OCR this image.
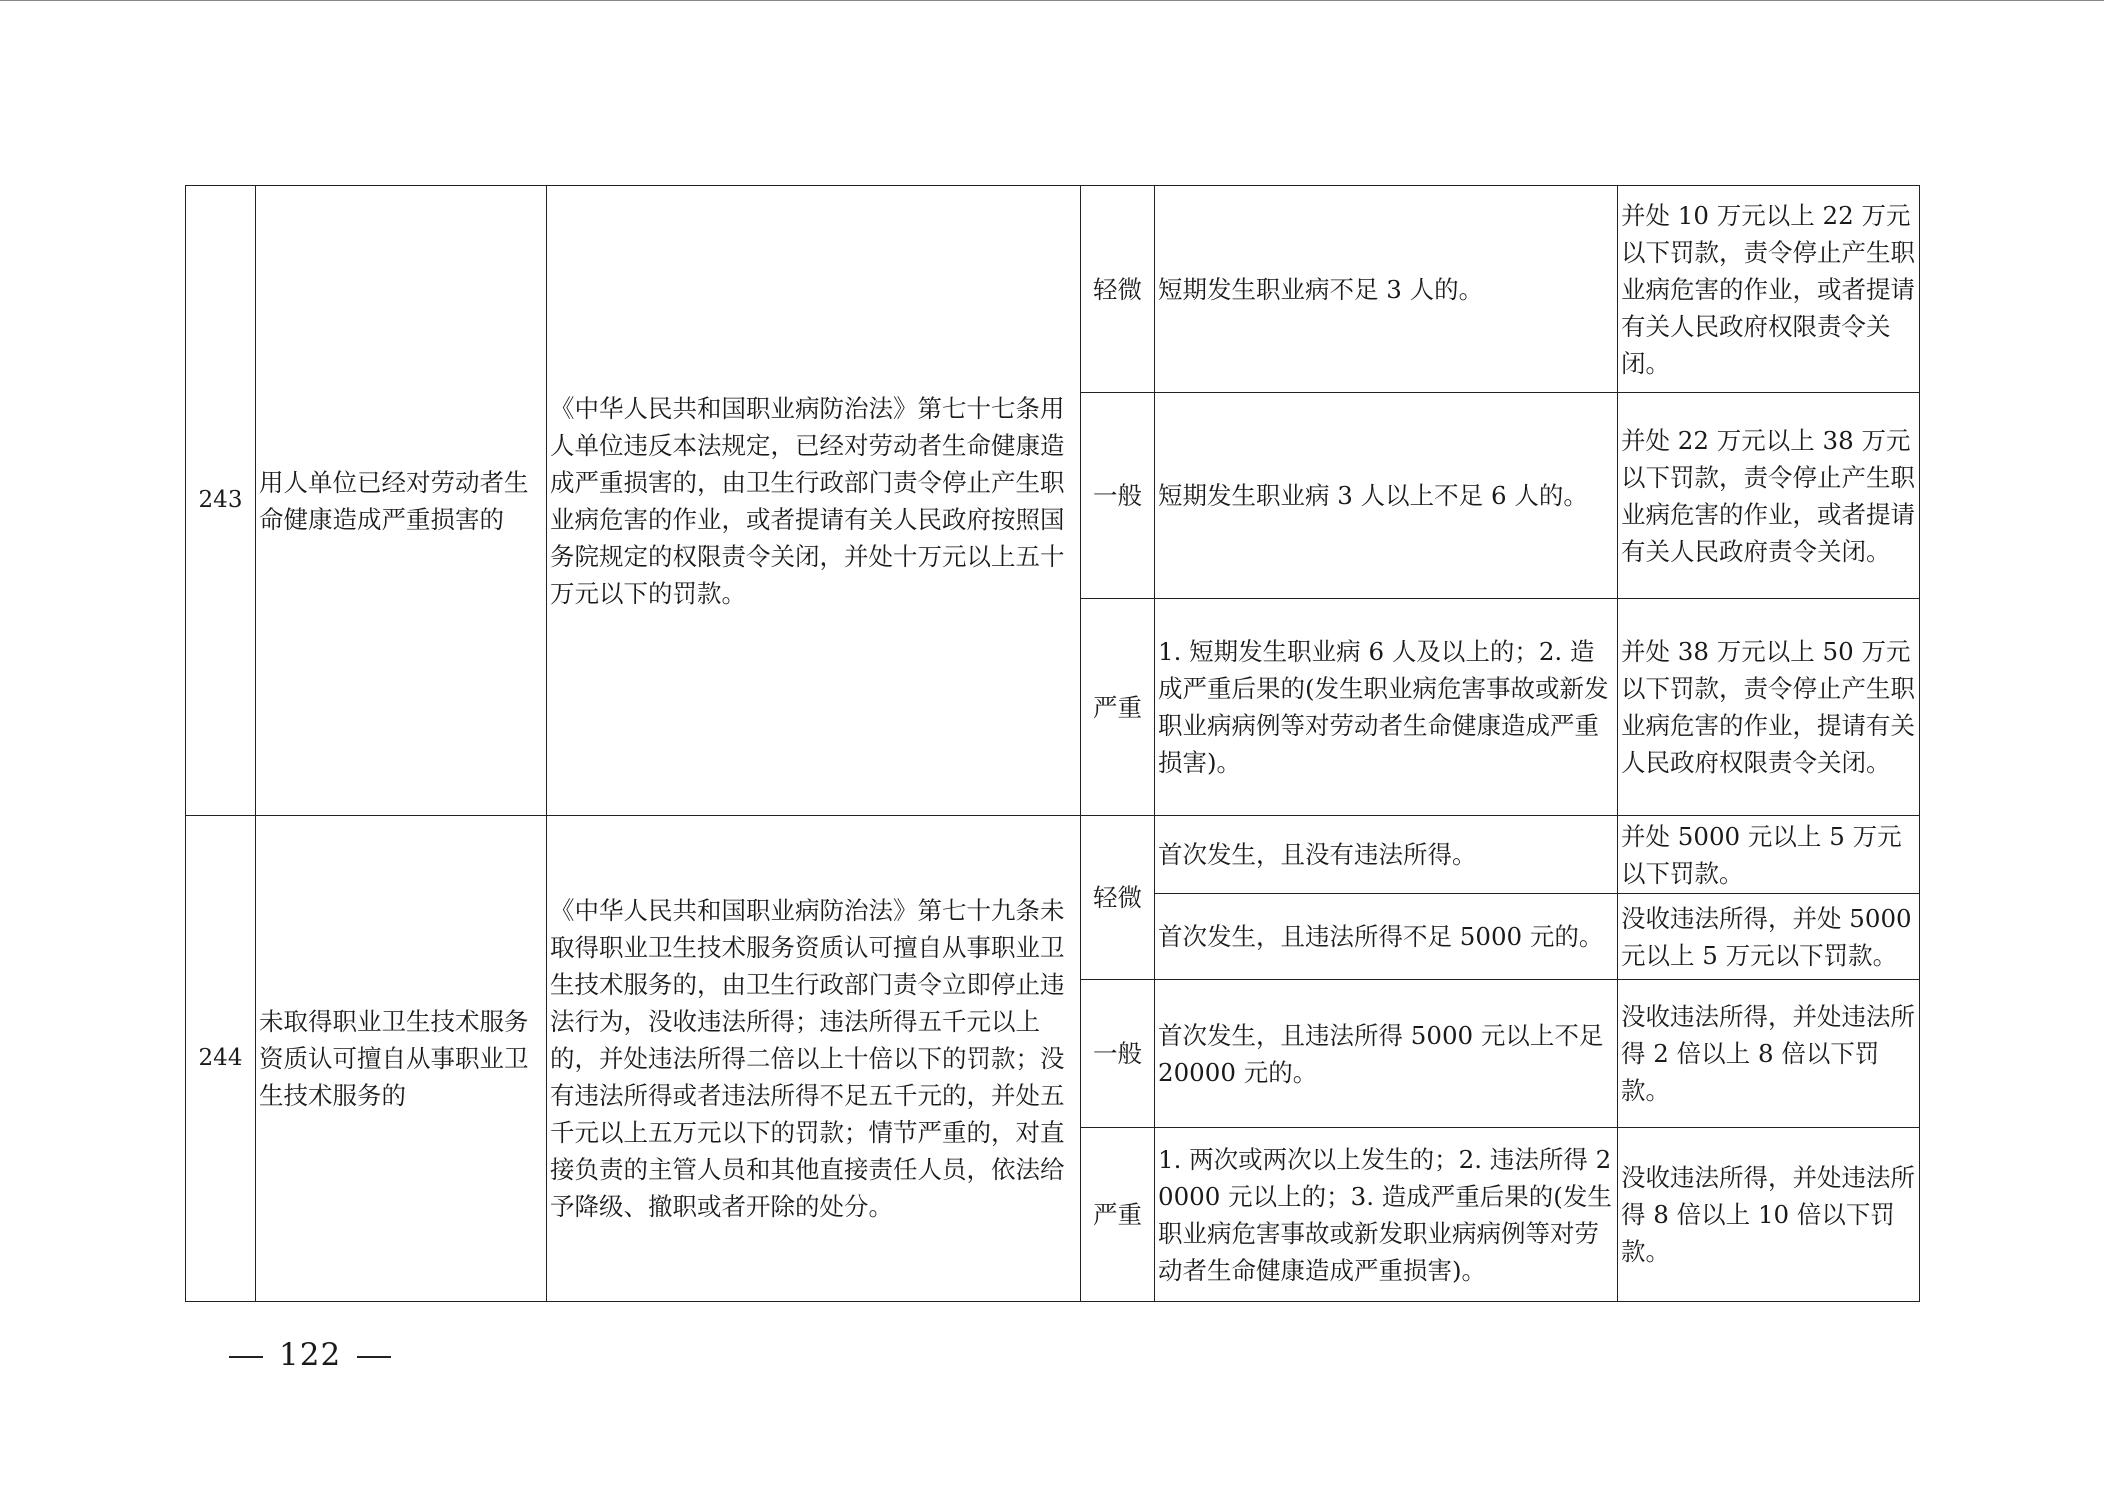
243	用人单位已经对劳动者生命健康造成严重损害的	《中华人民共和国职业病防治法》第七十七条用人单位违反本法规定，已经对劳动者生命健康造成严重损害的，由卫生行政部门责令停止产生职业病危害的作业，或者提请有关人民政府按照国务院规定的权限责令关闭，并处十万元以上五十万元以下的罚款。	轻微	短期发生职业病不足 3 人的。	并处 10 万元以上 22 万元以下罚款，责令停止产生职业病危害的作业，或者提请有关人民政府权限责令关闭。
			一般	短期发生职业病 3 人以上不足 6 人的。	并处 22 万元以上 38 万元以下罚款，责令停止产生职业病危害的作业，或者提请有关人民政府责令关闭。
			严重	1. 短期发生职业病 6 人及以上的；2. 造成严重后果的(发生职业病危害事故或新发职业病病例等对劳动者生命健康造成严重损害)。	并处 38 万元以上 50 万元以下罚款，责令停止产生职业病危害的作业，提请有关人民政府权限责令关闭。
244	未取得职业卫生技术服务资质认可擅自从事职业卫生技术服务的	《中华人民共和国职业病防治法》第七十九条未取得职业卫生技术服务资质认可擅自从事职业卫生技术服务的，由卫生行政部门责令立即停止违法行为，没收违法所得；违法所得五千元以上的，并处违法所得二倍以上十倍以下的罚款；没有违法所得或者违法所得不足五千元的，并处五千元以上五万元以下的罚款；情节严重的，对直接负责的主管人员和其他直接责任人员，依法给予降级、撤职或者开除的处分。	轻微	首次发生，且没有违法所得。	并处 5000 元以上 5 万元以下罚款。
				首次发生，且违法所得不足 5000 元的。	没收违法所得，并处 5000 元以上 5 万元以下罚款。
			一般	首次发生，且违法所得 5000 元以上不足 20000 元的。	没收违法所得，并处违法所得 2 倍以上 8 倍以下罚款。
			严重	1. 两次或两次以上发生的；2. 违法所得 20000 元以上的；3. 造成严重后果的(发生职业病危害事故或新发职业病病例等对劳动者生命健康造成严重损害)。	没收违法所得，并处违法所得 8 倍以上 10 倍以下罚款。
122
